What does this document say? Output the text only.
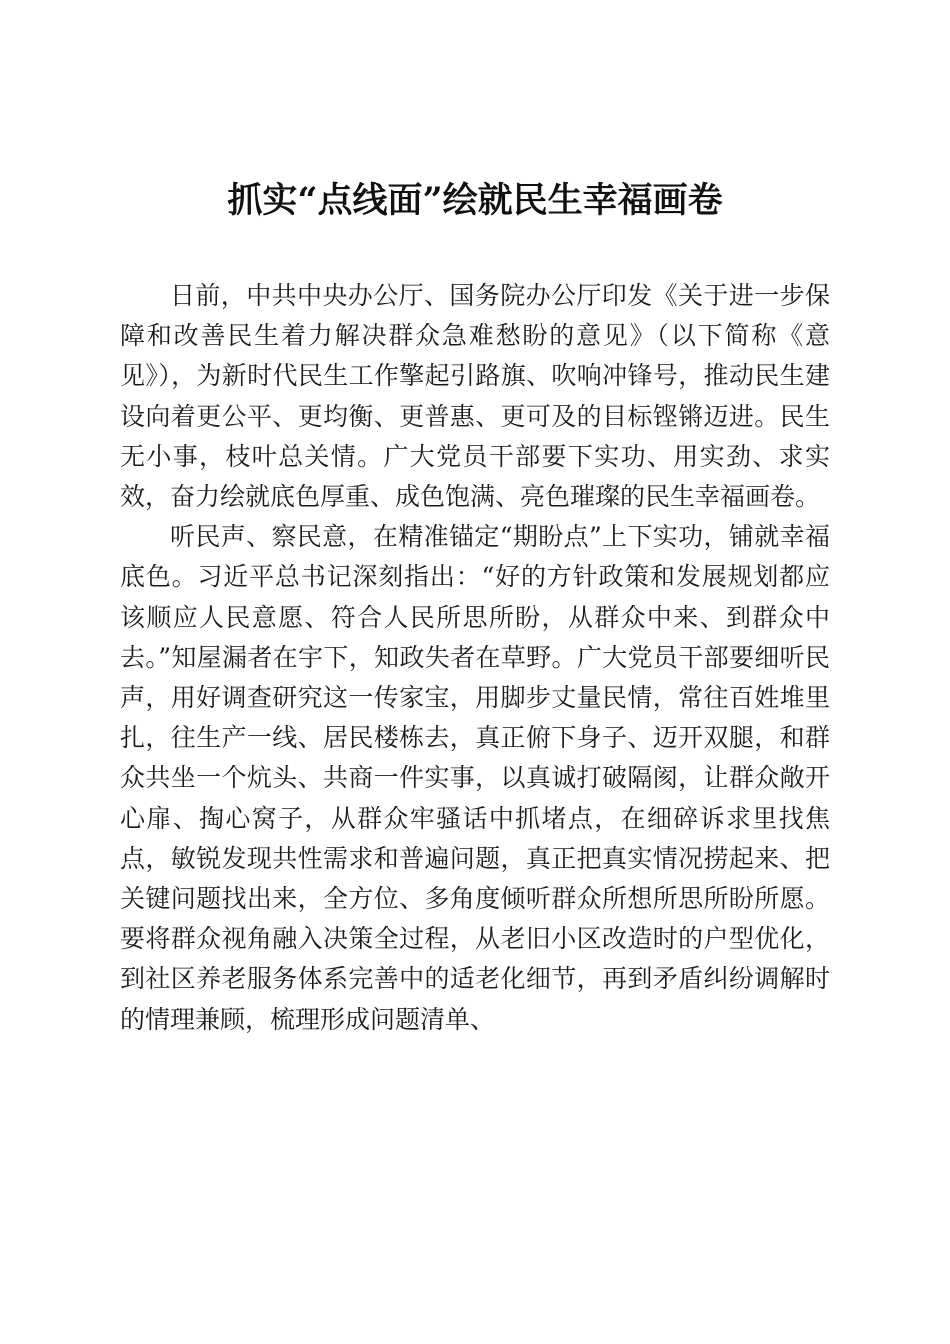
抓实“点线面”绘就民生幸福画卷

日前，中共中央办公厅、国务院办公厅印发《关于进一步保障和改善民生着力解决群众急难愁盼的意见》（以下简称《意见》），为新时代民生工作擎起引路旗、吹响冲锋号，推动民生建设向着更公平、更均衡、更普惠、更可及的目标铿锵迈进。民生无小事，枝叶总关情。广大党员干部要下实功、用实劲、求实效，奋力绘就底色厚重、成色饱满、亮色璀璨的民生幸福画卷。

听民声、察民意，在精准锚定“期盼点”上下实功，铺就幸福底色。习近平总书记深刻指出：“好的方针政策和发展规划都应该顺应人民意愿、符合人民所思所盼，从群众中来、到群众中去。”知屋漏者在宇下，知政失者在草野。广大党员干部要细听民声，用好调查研究这一传家宝，用脚步丈量民情，常往百姓堆里扎，往生产一线、居民楼栋去，真正俯下身子、迈开双腿，和群众共坐一个炕头、共商一件实事，以真诚打破隔阂，让群众敞开心扉、掏心窝子，从群众牢骚话中抓堵点，在细碎诉求里找焦点，敏锐发现共性需求和普遍问题，真正把真实情况捞起来、把关键问题找出来，全方位、多角度倾听群众所想所思所盼所愿。要将群众视角融入决策全过程，从老旧小区改造时的户型优化，到社区养老服务体系完善中的适老化细节，再到矛盾纠纷调解时的情理兼顾，梳理形成问题清单、
